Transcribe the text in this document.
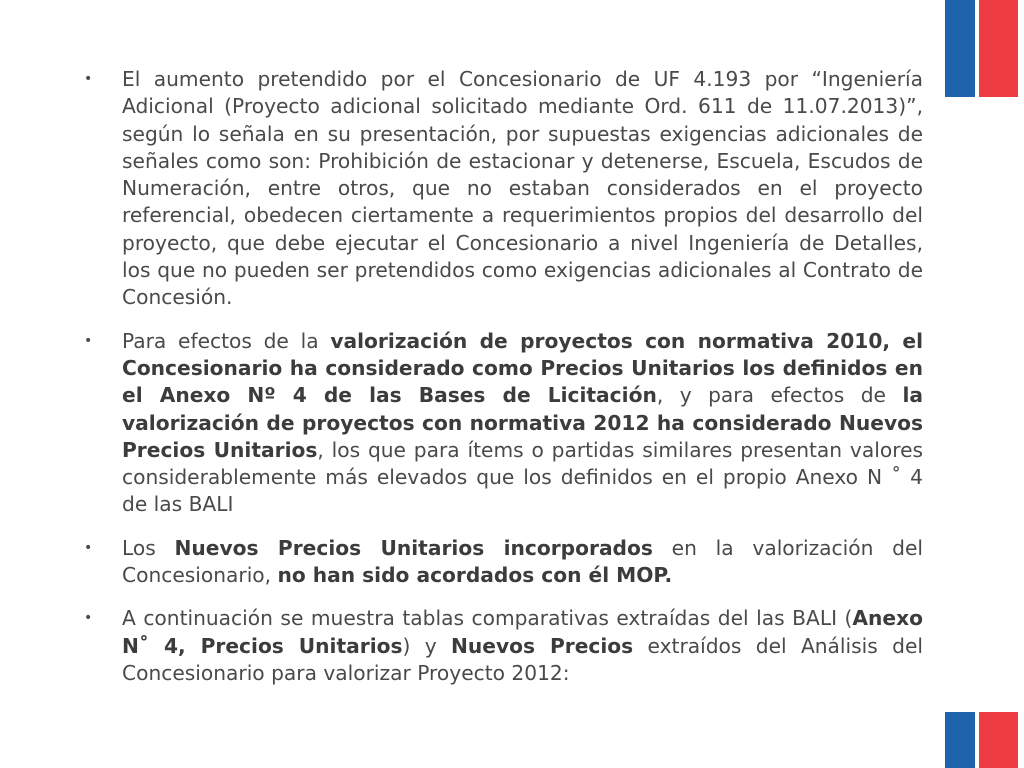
• El aumento pretendido por el Concesionario de UF 4.193 por “Ingeniería Adicional (Proyecto adicional solicitado mediante Ord. 611 de 11.07.2013)”, según lo señala en su presentación, por supuestas exigencias adicionales de señales como son: Prohibición de estacionar y detenerse, Escuela, Escudos de Numeración, entre otros, que no estaban considerados en el proyecto referencial, obedecen ciertamente a requerimientos propios del desarrollo del proyecto, que debe ejecutar el Concesionario a nivel Ingeniería de Detalles, los que no pueden ser pretendidos como exigencias adicionales al Contrato de Concesión.

• Para efectos de la valorización de proyectos con normativa 2010, el Concesionario ha considerado como Precios Unitarios los definidos en el Anexo Nº 4 de las Bases de Licitación, y para efectos de la valorización de proyectos con normativa 2012 ha considerado Nuevos Precios Unitarios, los que para ítems o partidas similares presentan valores considerablemente más elevados que los definidos en el propio Anexo N ˚ 4 de las BALI

• Los Nuevos Precios Unitarios incorporados en la valorización del Concesionario, no han sido acordados con él MOP.

• A continuación se muestra tablas comparativas extraídas del las BALI (Anexo N˚ 4, Precios Unitarios) y Nuevos Precios extraídos del Análisis del Concesionario para valorizar Proyecto 2012:
